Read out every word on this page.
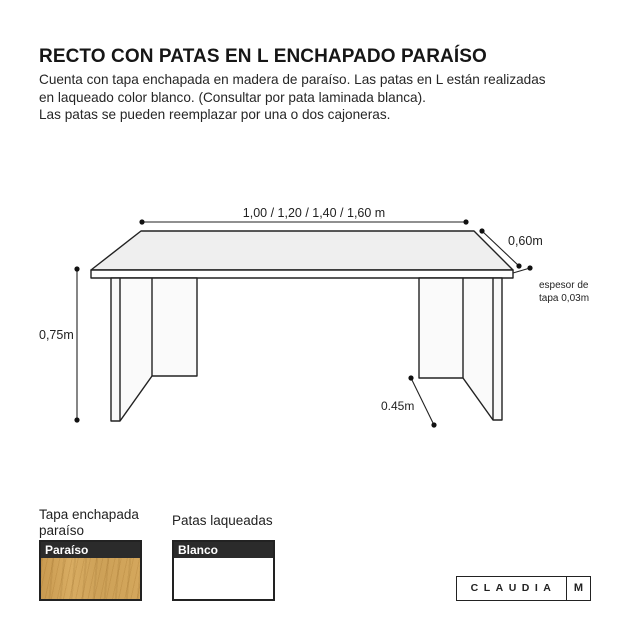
RECTO CON PATAS EN L ENCHAPADO PARAÍSO
Cuenta con tapa enchapada en madera de paraíso. Las patas en L están realizadas
en laqueado color blanco. (Consultar por pata laminada blanca).
Las patas se pueden reemplazar por una o dos cajoneras.
1,00 / 1,20 / 1,40 / 1,60 m
0,60m
0,75m
0.45m
espesor de
tapa 0,03m
Tapa enchapada
paraíso
Paraíso
Patas laqueadas
Blanco
CLAUDIA	M
